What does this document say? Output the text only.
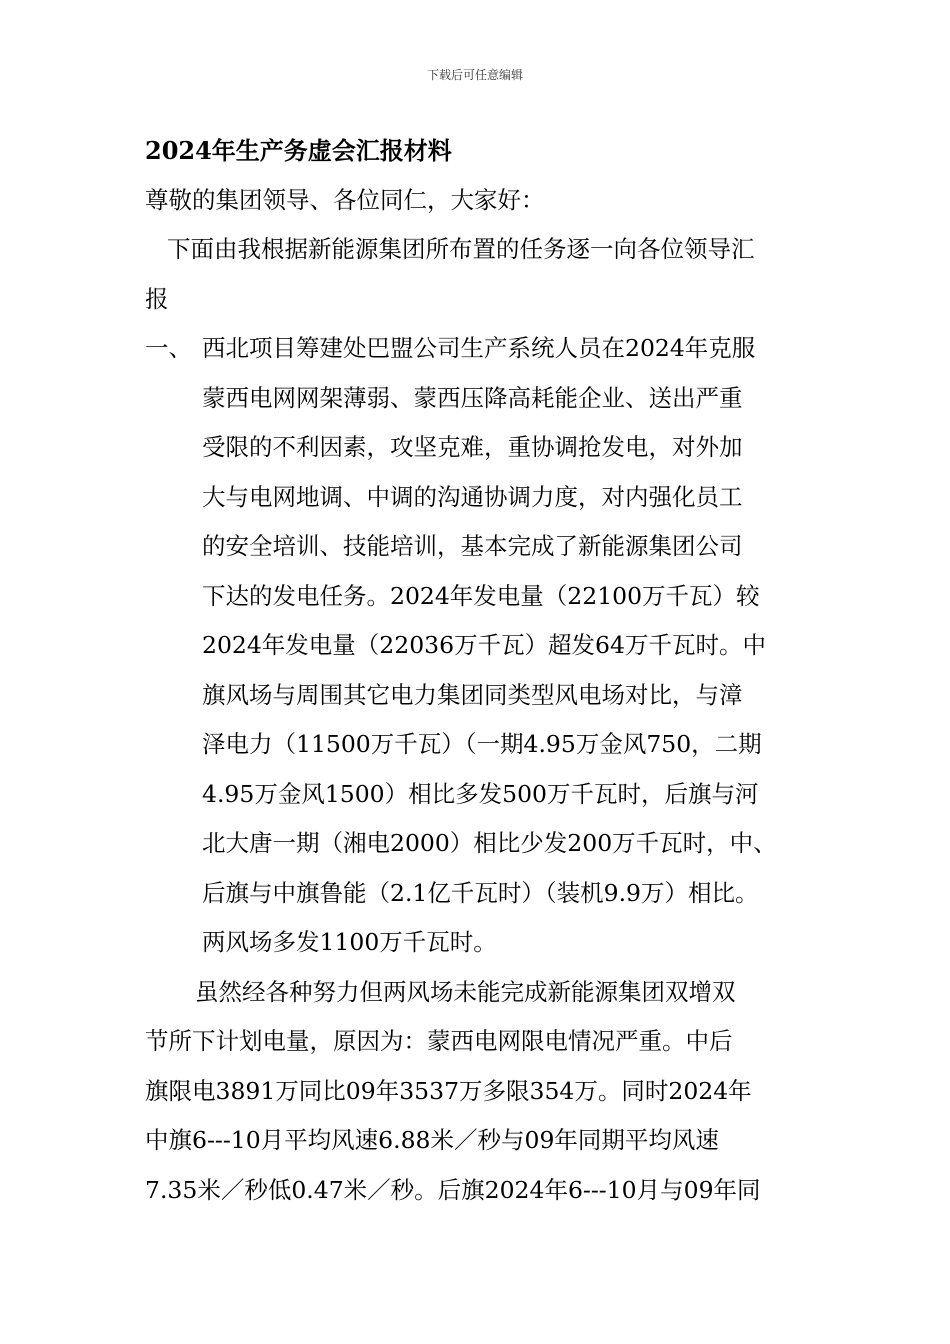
下载后可任意编辑
2024年生产务虚会汇报材料
尊敬的集团领导、各位同仁，大家好：
下面由我根据新能源集团所布置的任务逐一向各位领导汇
报
一、 西北项目筹建处巴盟公司生产系统人员在2024年克服
蒙西电网网架薄弱、蒙西压降高耗能企业、送出严重
受限的不利因素，攻坚克难，重协调抢发电，对外加
大与电网地调、中调的沟通协调力度，对内强化员工
的安全培训、技能培训，基本完成了新能源集团公司
下达的发电任务。2024年发电量（22100万千瓦）较
2024年发电量（22036万千瓦）超发64万千瓦时。中
旗风场与周围其它电力集团同类型风电场对比，与漳
泽电力（11500万千瓦）（一期4.95万金风750，二期
4.95万金风1500）相比多发500万千瓦时，后旗与河
北大唐一期（湘电2000）相比少发200万千瓦时，中、
后旗与中旗鲁能（2.1亿千瓦时）（装机9.9万）相比。
两风场多发1100万千瓦时。
虽然经各种努力但两风场未能完成新能源集团双增双
节所下计划电量，原因为：蒙西电网限电情况严重。中后
旗限电3891万同比09年3537万多限354万。同时2024年
中旗6---10月平均风速6.88米／秒与09年同期平均风速
7.35米／秒低0.47米／秒。后旗2024年6---10月与09年同
